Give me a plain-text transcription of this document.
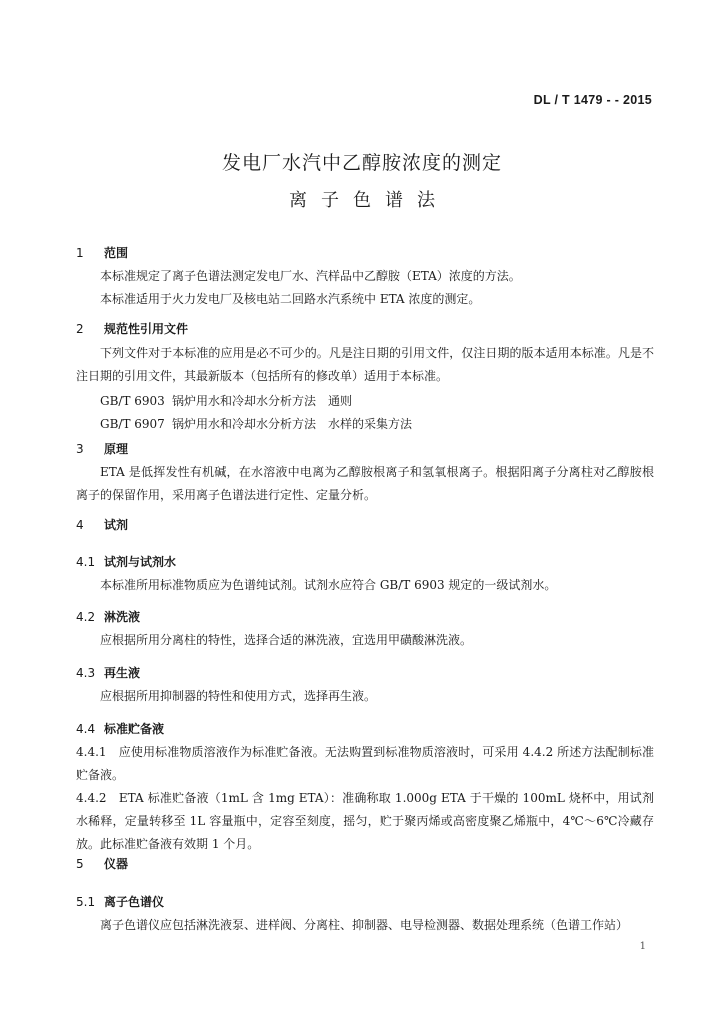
DL / T 1479 - - 2015
发电厂水汽中乙醇胺浓度的测定
离子色谱法
1 范围
本标准规定了离子色谱法测定发电厂水、汽样品中乙醇胺（ETA）浓度的方法。
本标准适用于火力发电厂及核电站二回路水汽系统中 ETA 浓度的测定。
2 规范性引用文件
下列文件对于本标准的应用是必不可少的。凡是注日期的引用文件，仅注日期的版本适用本标准。凡是不注日期的引用文件，其最新版本（包括所有的修改单）适用于本标准。
GB/T 6903 锅炉用水和冷却水分析方法　通则
GB/T 6907 锅炉用水和冷却水分析方法　水样的采集方法
3 原理
ETA 是低挥发性有机碱，在水溶液中电离为乙醇胺根离子和氢氧根离子。根据阳离子分离柱对乙醇胺根离子的保留作用，采用离子色谱法进行定性、定量分析。
4 试剂
4.1 试剂与试剂水
本标准所用标准物质应为色谱纯试剂。试剂水应符合 GB/T 6903 规定的一级试剂水。
4.2 淋洗液
应根据所用分离柱的特性，选择合适的淋洗液，宜选用甲磺酸淋洗液。
4.3 再生液
应根据所用抑制器的特性和使用方式，选择再生液。
4.4 标准贮备液
4.4.1　应使用标准物质溶液作为标准贮备液。无法购置到标准物质溶液时，可采用 4.4.2 所述方法配制标准贮备液。
4.4.2　ETA 标准贮备液（1mL 含 1mg ETA）：准确称取 1.000g ETA 于干燥的 100mL 烧杯中，用试剂水稀释，定量转移至 1L 容量瓶中，定容至刻度，摇匀，贮于聚丙烯或高密度聚乙烯瓶中，4℃～6℃冷藏存放。此标准贮备液有效期 1 个月。
5 仪器
5.1 离子色谱仪
离子色谱仪应包括淋洗液泵、进样阀、分离柱、抑制器、电导检测器、数据处理系统（色谱工作站）
1
